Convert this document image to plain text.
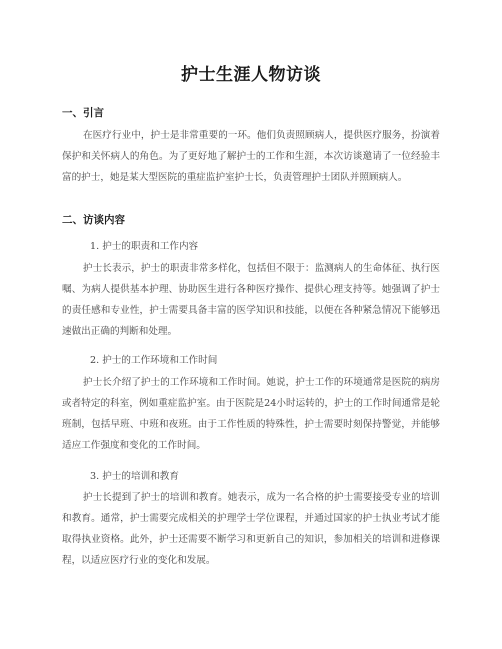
护士生涯人物访谈
一、引言

在医疗行业中，护士是非常重要的一环。他们负责照顾病人，提供医疗服务，扮演着保护和关怀病人的角色。为了更好地了解护士的工作和生涯，本次访谈邀请了一位经验丰富的护士，她是某大型医院的重症监护室护士长，负责管理护士团队并照顾病人。

二、访谈内容
1. 护士的职责和工作内容

护士长表示，护士的职责非常多样化，包括但不限于：监测病人的生命体征、执行医嘱、为病人提供基本护理、协助医生进行各种医疗操作、提供心理支持等。她强调了护士的责任感和专业性，护士需要具备丰富的医学知识和技能，以便在各种紧急情况下能够迅速做出正确的判断和处理。

2. 护士的工作环境和工作时间

护士长介绍了护士的工作环境和工作时间。她说，护士工作的环境通常是医院的病房或者特定的科室，例如重症监护室。由于医院是24小时运转的，护士的工作时间通常是轮班制，包括早班、中班和夜班。由于工作性质的特殊性，护士需要时刻保持警觉，并能够适应工作强度和变化的工作时间。

3. 护士的培训和教育

护士长提到了护士的培训和教育。她表示，成为一名合格的护士需要接受专业的培训和教育。通常，护士需要完成相关的护理学士学位课程，并通过国家的护士执业考试才能取得执业资格。此外，护士还需要不断学习和更新自己的知识，参加相关的培训和进修课程，以适应医疗行业的变化和发展。
